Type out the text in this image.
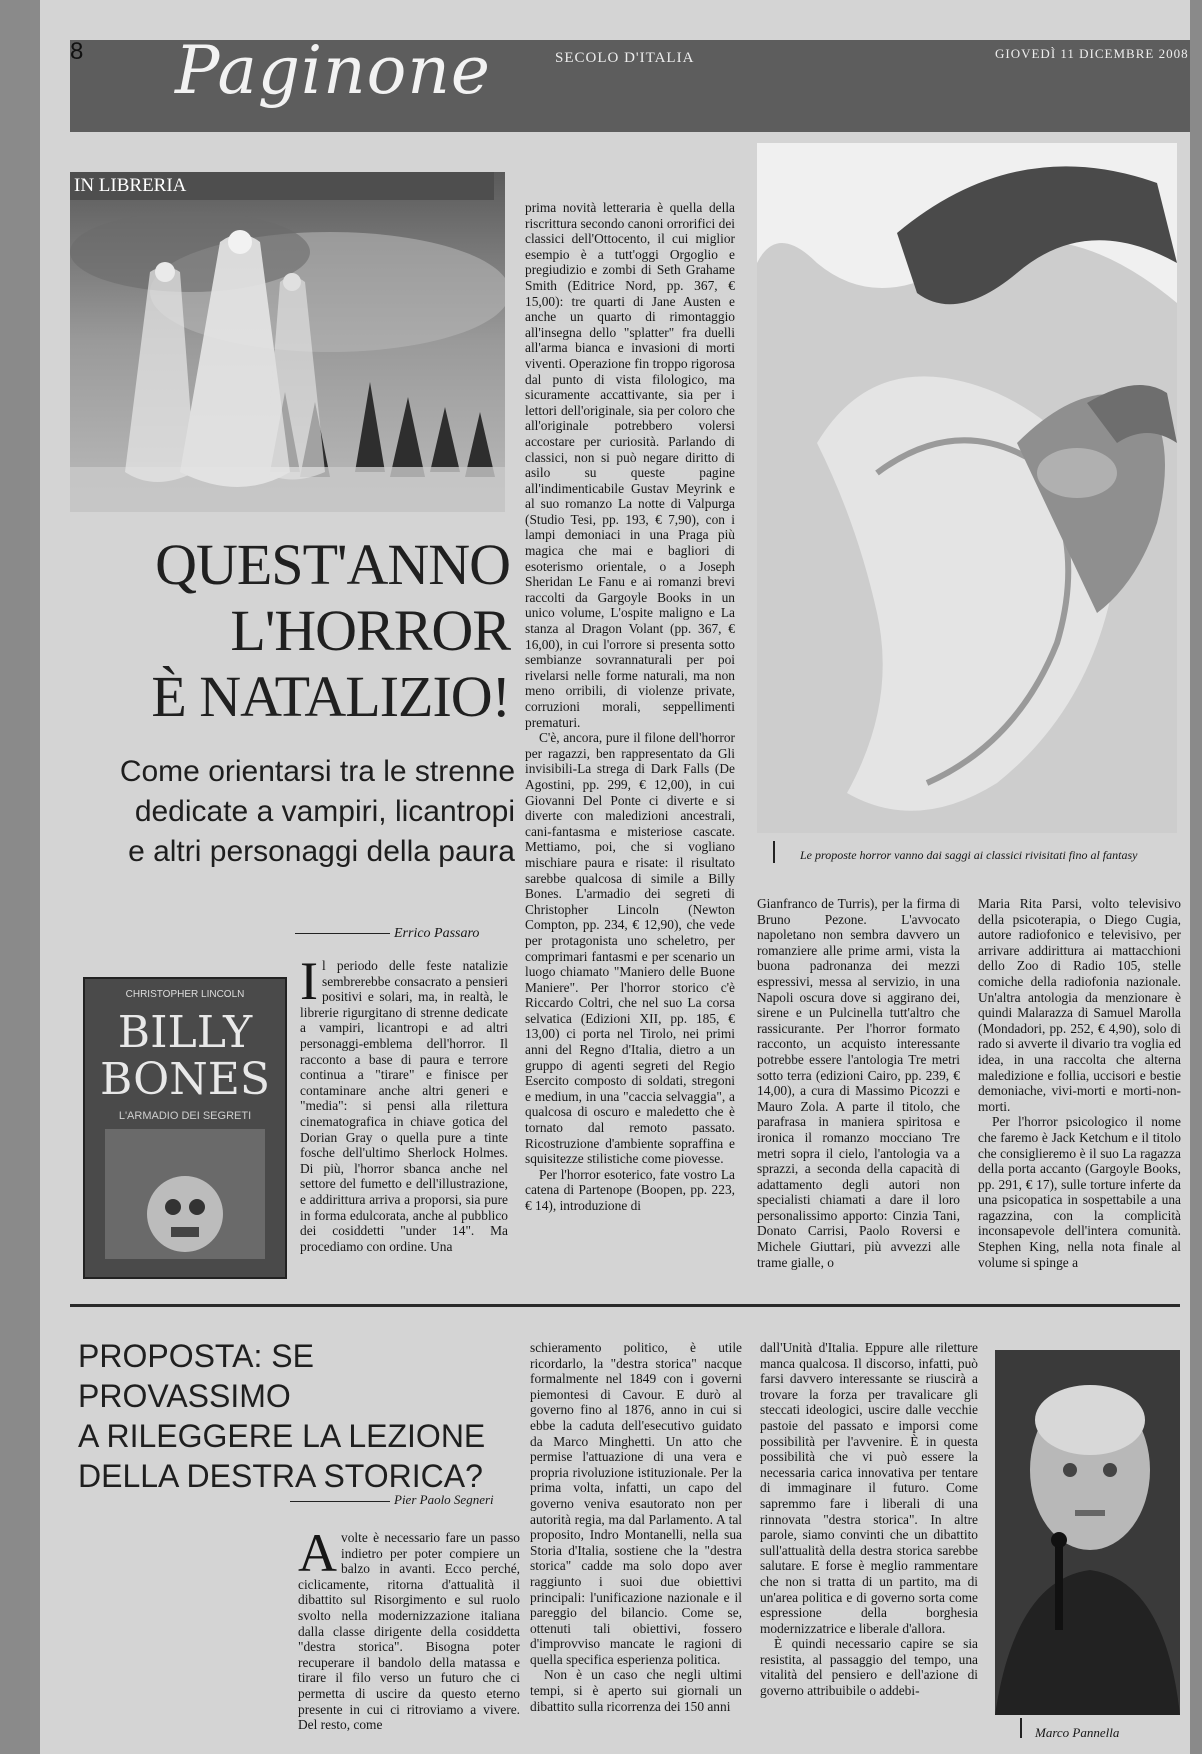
8 Paginone	SECOLO D'ITALIA	GIOVEDÌ 11 DICEMBRE 2008
IN LIBRERIA
Le proposte horror vanno dai saggi ai classici rivisitati fino al fantasy
QUEST'ANNO
L'HORROR
È NATALIZIO!
Come orientarsi tra le strenne
dedicate a vampiri, licantropi
e altri personaggi della paura
Errico Passaro
CHRISTOPHER LINCOLN
BILLY
BONES
L'ARMADIO DEI SEGRETI
Il periodo delle feste natalizie sembrerebbe consacrato a pensieri positivi e solari, ma, in realtà, le librerie rigurgitano di strenne dedicate a vampiri, licantropi e ad altri personaggi-emblema dell'horror. Il racconto a base di paura e terrore continua a "tirare" e finisce per contaminare anche altri generi e "media": si pensi alla rilettura cinematografica in chiave gotica del Dorian Gray o quella pure a tinte fosche dell'ultimo Sherlock Holmes. Di più, l'horror sbanca anche nel settore del fumetto e dell'illustrazione, e addirittura arriva a proporsi, sia pure in forma edulcorata, anche al pubblico dei cosiddetti "under 14". Ma procediamo con ordine. Una

prima novità letteraria è quella della riscrittura secondo canoni orrorifici dei classici dell'Ottocento, il cui miglior esempio è a tutt'oggi Orgoglio e pregiudizio e zombi di Seth Grahame Smith (Editrice Nord, pp. 367, € 15,00): tre quarti di Jane Austen e anche un quarto di rimontaggio all'insegna dello "splatter" fra duelli all'arma bianca e invasioni di morti viventi. Operazione fin troppo rigorosa dal punto di vista filologico, ma sicuramente accattivante, sia per i lettori dell'originale, sia per coloro che all'originale potrebbero volersi accostare per curiosità. Parlando di classici, non si può negare diritto di asilo su queste pagine all'indimenticabile Gustav Meyrink e al suo romanzo La notte di Valpurga (Studio Tesi, pp. 193, € 7,90), con i lampi demoniaci in una Praga più magica che mai e bagliori di esoterismo orientale, o a Joseph Sheridan Le Fanu e ai romanzi brevi raccolti da Gargoyle Books in un unico volume, L'ospite maligno e La stanza al Dragon Volant (pp. 367, € 16,00), in cui l'orrore si presenta sotto sembianze sovrannaturali per poi rivelarsi nelle forme naturali, ma non meno orribili, di violenze private, corruzioni morali, seppellimenti prematuri.

C'è, ancora, pure il filone dell'horror per ragazzi, ben rappresentato da Gli invisibili-La strega di Dark Falls (De Agostini, pp. 299, € 12,00), in cui Giovanni Del Ponte ci diverte e si diverte con maledizioni ancestrali, cani-fantasma e misteriose cascate. Mettiamo, poi, che si vogliano mischiare paura e risate: il risultato sarebbe qualcosa di simile a Billy Bones. L'armadio dei segreti di Christopher Lincoln (Newton Compton, pp. 234, € 12,90), che vede per protagonista uno scheletro, per comprimari fantasmi e per scenario un luogo chiamato "Maniero delle Buone Maniere". Per l'horror storico c'è Riccardo Coltri, che nel suo La corsa selvatica (Edizioni XII, pp. 185, € 13,00) ci porta nel Tirolo, nei primi anni del Regno d'Italia, dietro a un gruppo di agenti segreti del Regio Esercito composto di soldati, stregoni e medium, in una "caccia selvaggia", a qualcosa di oscuro e maledetto che è tornato dal remoto passato. Ricostruzione d'ambiente sopraffina e squisitezze stilistiche come piovesse.

Per l'horror esoterico, fate vostro La catena di Partenope (Boopen, pp. 223, € 14), introduzione di

Gianfranco de Turris), per la firma di Bruno Pezone. L'avvocato napoletano non sembra davvero un romanziere alle prime armi, vista la buona padronanza dei mezzi espressivi, messa al servizio, in una Napoli oscura dove si aggirano dei, sirene e un Pulcinella tutt'altro che rassicurante. Per l'horror formato racconto, un acquisto interessante potrebbe essere l'antologia Tre metri sotto terra (edizioni Cairo, pp. 239, € 14,00), a cura di Massimo Picozzi e Mauro Zola. A parte il titolo, che parafrasa in maniera spiritosa e ironica il romanzo mocciano Tre metri sopra il cielo, l'antologia va a sprazzi, a seconda della capacità di adattamento degli autori non specialisti chiamati a dare il loro personalissimo apporto: Cinzia Tani, Donato Carrisi, Paolo Roversi e Michele Giuttari, più avvezzi alle trame gialle, o

Maria Rita Parsi, volto televisivo della psicoterapia, o Diego Cugia, autore radiofonico e televisivo, per arrivare addirittura ai mattacchioni dello Zoo di Radio 105, stelle comiche della radiofonia nazionale. Un'altra antologia da menzionare è quindi Malarazza di Samuel Marolla (Mondadori, pp. 252, € 4,90), solo di rado si avverte il divario tra voglia ed idea, in una raccolta che alterna maledizione e follia, uccisori e bestie demoniache, vivi-morti e morti-non-morti.

Per l'horror psicologico il nome che faremo è Jack Ketchum e il titolo che consiglieremo è il suo La ragazza della porta accanto (Gargoyle Books, pp. 291, € 17), sulle torture inferte da una psicopatica in sospettabile a una ragazzina, con la complicità inconsapevole dell'intera comunità. Stephen King, nella nota finale al volume si spinge a

PROPOSTA: SE PROVASSIMO
A RILEGGERE LA LEZIONE
DELLA DESTRA STORICA?
Pier Paolo Segneri
A volte è necessario fare un passo indietro per poter compiere un balzo in avanti. Ecco perché, ciclicamente, ritorna d'attualità il dibattito sul Risorgimento e sul ruolo svolto nella modernizzazione italiana dalla classe dirigente della cosiddetta "destra storica". Bisogna poter recuperare il bandolo della matassa e tirare il filo verso un futuro che ci permetta di uscire da questo eterno presente in cui ci ritroviamo a vivere. Del resto, come

schieramento politico, è utile ricordarlo, la "destra storica" nacque formalmente nel 1849 con i governi piemontesi di Cavour. E durò al governo fino al 1876, anno in cui si ebbe la caduta dell'esecutivo guidato da Marco Minghetti. Un atto che permise l'attuazione di una vera e propria rivoluzione istituzionale. Per la prima volta, infatti, un capo del governo veniva esautorato non per autorità regia, ma dal Parlamento. A tal proposito, Indro Montanelli, nella sua Storia d'Italia, sostiene che la "destra storica" cadde ma solo dopo aver raggiunto i suoi due obiettivi principali: l'unificazione nazionale e il pareggio del bilancio. Come se, ottenuti tali obiettivi, fossero d'improvviso mancate le ragioni di quella specifica esperienza politica.

Non è un caso che negli ultimi tempi, si è aperto sui giornali un dibattito sulla ricorrenza dei 150 anni

dall'Unità d'Italia. Eppure alle riletture manca qualcosa. Il discorso, infatti, può farsi davvero interessante se riuscirà a trovare la forza per travalicare gli steccati ideologici, uscire dalle vecchie pastoie del passato e imporsi come possibilità per l'avvenire. È in questa possibilità che vi può essere la necessaria carica innovativa per tentare di immaginare il futuro. Come sapremmo fare i liberali di una rinnovata "destra storica". In altre parole, siamo convinti che un dibattito sull'attualità della destra storica sarebbe salutare. E forse è meglio rammentare che non si tratta di un partito, ma di un'area politica e di governo sorta come espressione della borghesia modernizzatrice e liberale d'allora.

È quindi necessario capire se sia resistita, al passaggio del tempo, una vitalità del pensiero e dell'azione di governo attribuibile o addebi-

Marco Pannella
